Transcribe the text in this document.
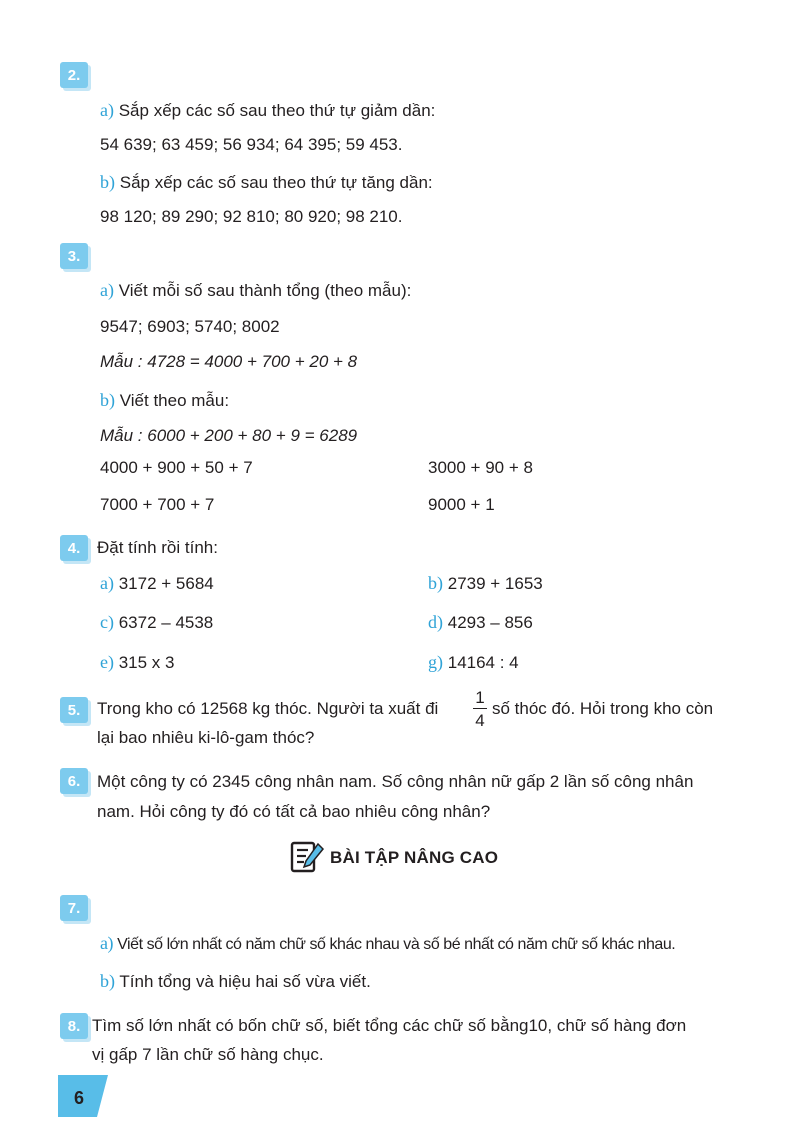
2.
a) Sắp xếp các số sau theo thứ tự giảm dần:
54 639; 63 459; 56 934; 64 395; 59 453.
b) Sắp xếp các số sau theo thứ tự tăng dần:
98 120; 89 290; 92 810; 80 920; 98 210.
3.
a) Viết mỗi số sau thành tổng (theo mẫu):
9547; 6903; 5740; 8002
Mẫu : 4728 = 4000 + 700 + 20 + 8
b) Viết theo mẫu:
Mẫu : 6000 + 200 + 80 + 9 = 6289
4000 + 900 + 50 + 7	3000 + 90 + 8
7000 + 700 + 7	9000 + 1
4. Đặt tính rồi tính:
a) 3172 + 5684	b) 2739 + 1653
c) 6372 – 4538	d) 4293 – 856
e) 315 x 3	g) 14164 : 4
5. Trong kho có 12568 kg thóc. Người ta xuất đi $\frac{1}{4}$ số thóc đó. Hỏi trong kho còn
lại bao nhiêu ki-lô-gam thóc?
6. Một công ty có 2345 công nhân nam. Số công nhân nữ gấp 2 lần số công nhân
nam. Hỏi công ty đó có tất cả bao nhiêu công nhân?
BÀI TẬP NÂNG CAO
7.
a) Viết số lớn nhất có năm chữ số khác nhau và số bé nhất có năm chữ số khác nhau.
b) Tính tổng và hiệu hai số vừa viết.
8. Tìm số lớn nhất có bốn chữ số, biết tổng các chữ số bằng10, chữ số hàng đơn
vị gấp 7 lần chữ số hàng chục.
6
